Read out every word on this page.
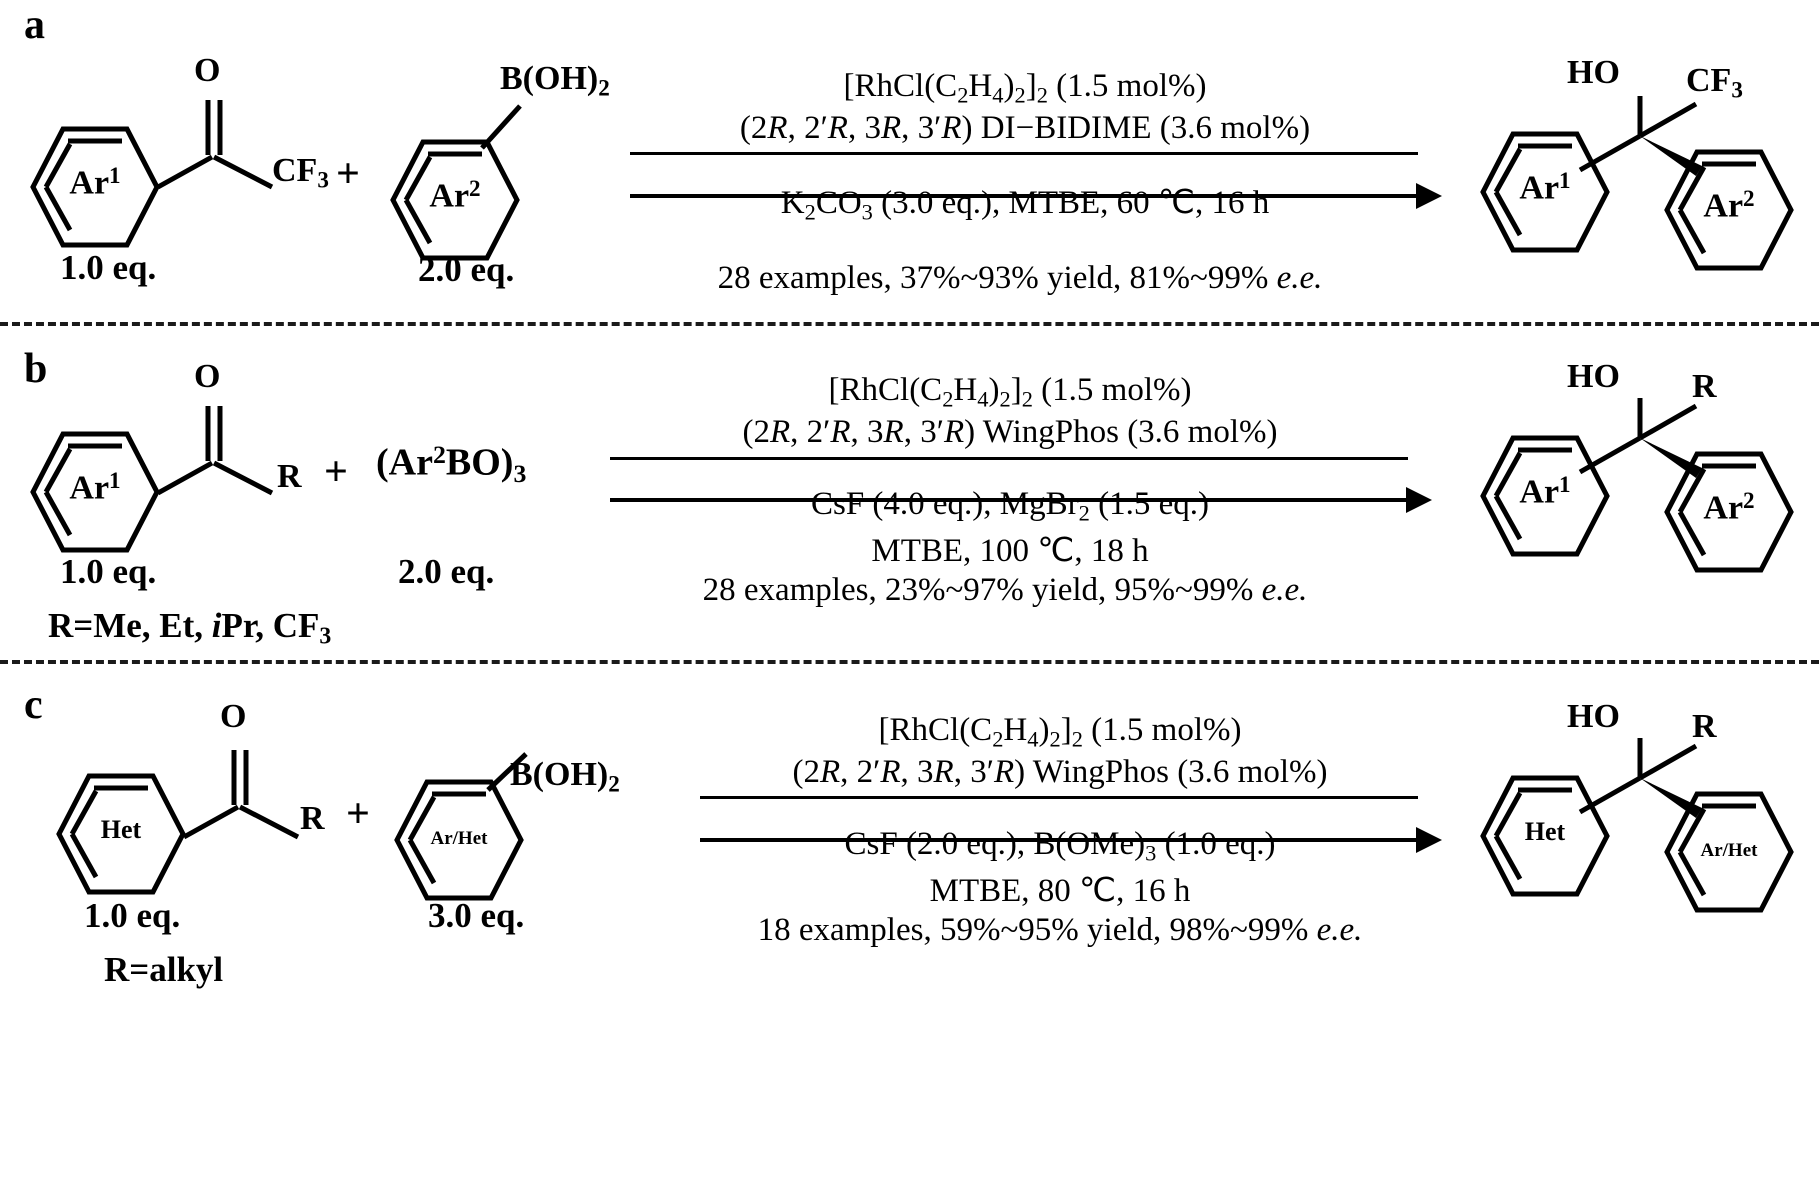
a
Ar$^1$
O
$CF_3$
1.0 eq.
+	$Ar^2$
$B(OH)_2$
2.0 eq.
$[RhCl(C_2H_4)_2]_2$ (1.5 mol%)
(2R, 2′R, 3R, 3′R) DI−BIDIME (3.6 mol%)
$K_2CO_3$ (3.0 eq.), MTBE, 60 ℃, 16 h
28 examples, 37%~93% yield, 81%~99% e.e.
HO $CF_3$
Ar$^1$
Ar$^2$
b
Ar$^1$
O
R
1.0 eq.
R=Me, Et, iPr, $CF_3$
+ $(Ar^2BO)_3$
2.0 eq.
$[RhCl(C_2H_4)_2]_2$ (1.5 mol%)
(2R, 2′R, 3R, 3′R) WingPhos (3.6 mol%)
CsF (4.0 eq.), MgBr$_2$ (1.5 eq.)
MTBE, 100 ℃, 18 h
28 examples, 23%~97% yield, 95%~99% e.e.
HO R
Ar$^1$
Ar$^2$
c
Het
O
R
1.0 eq.
R=alkyl
+
Ar/Het
$B(OH)_2$
3.0 eq.
$[RhCl(C_2H_4)_2]_2$ (1.5 mol%)
(2R, 2′R, 3R, 3′R) WingPhos (3.6 mol%)
CsF (2.0 eq.), $B(OMe)_3$ (1.0 eq.)
MTBE, 80 ℃, 16 h
18 examples, 59%~95% yield, 98%~99% e.e.
HO R
Het
Ar/Het
